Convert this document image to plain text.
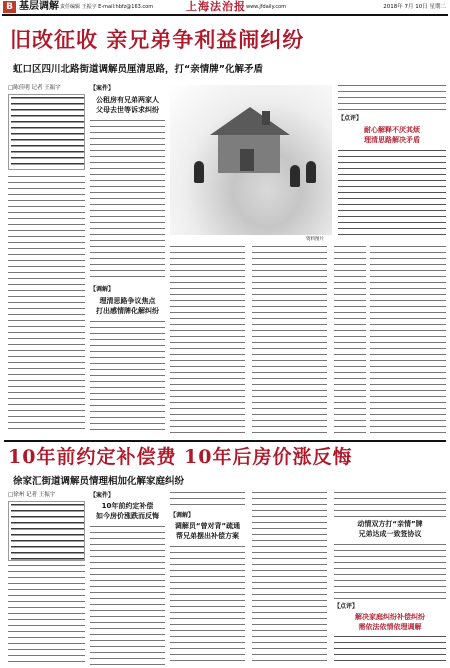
B 基层调解 责任编辑 王振宇 E-mail:hbfz@163.com	上海法治报 www.jfdaily.com	2018年 7月 10日 星期二
旧改征收 亲兄弟争利益闹纠纷
虹口区四川北路街道调解员厘清思路，打“亲情牌”化解矛盾
□陈佳明 记者 王振宇	【案件】
公租房有兄弟两家人
父母去世等诉求纠纷
【调解】
理清思路争议焦点
打出感情牌化解纠纷
资料图片
【点评】
耐心解释不厌其烦
理清思路解决矛盾
10年前约定补偿费 10年后房价涨反悔
徐家汇街道调解员情理相加化解家庭纠纷
□徐州 记者 王振宇	【案件】
10年前约定补偿
如今房价涨跌而反悔	【调解】
调解员“曾对背”疏通
帮兄弟摆出补偿方案
动情双方打“亲情”牌
兄弟达成一致签协议
【点评】
解决家庭纠纷补偿纠纷
需依法依情依理调解
